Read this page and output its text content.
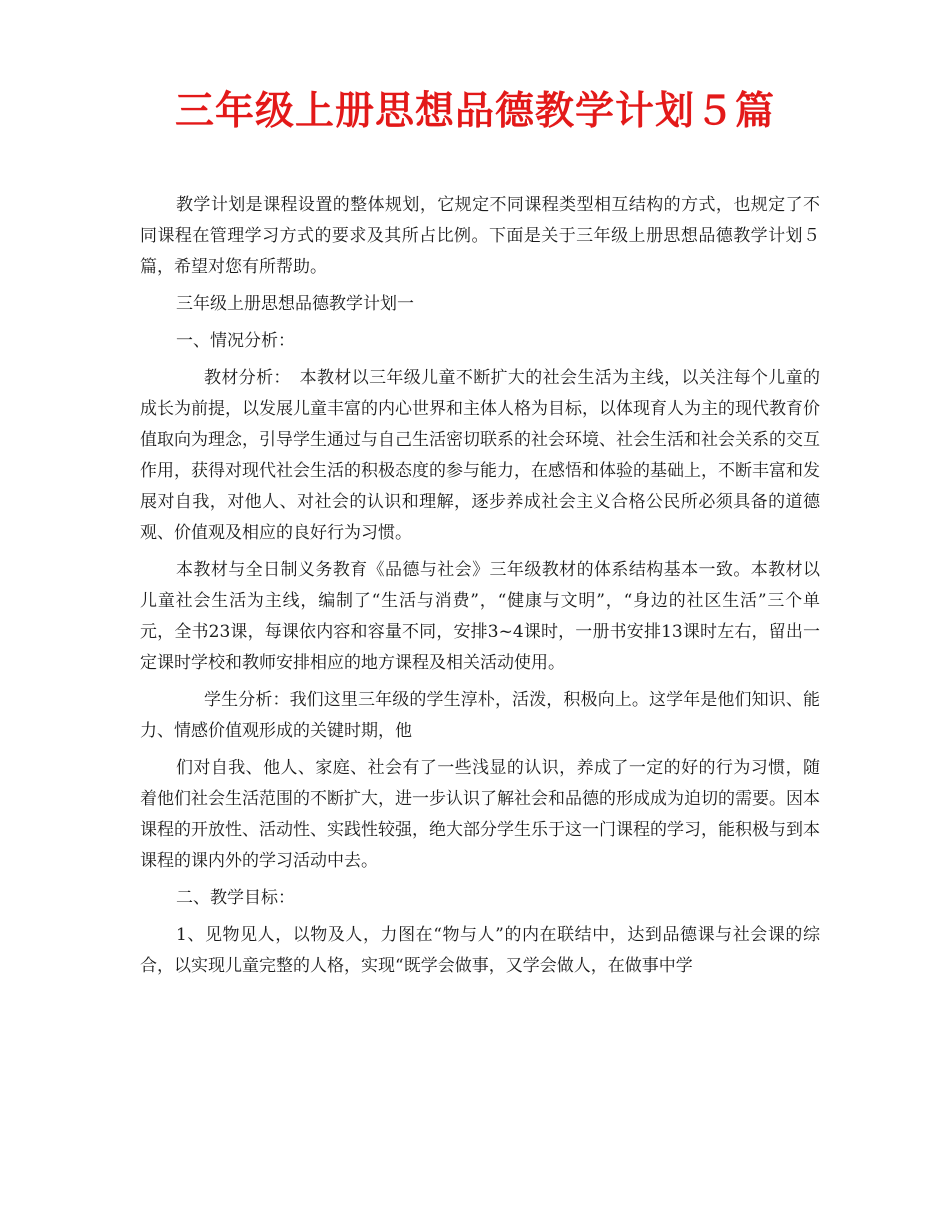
三年级上册思想品德教学计划５篇

教学计划是课程设置的整体规划，它规定不同课程类型相互结构的方式，也规定了不同课程在管理学习方式的要求及其所占比例。下面是关于三年级上册思想品德教学计划５篇，希望对您有所帮助。

三年级上册思想品德教学计划一

一、情况分析：

教材分析：　本教材以三年级儿童不断扩大的社会生活为主线，以关注每个儿童的成长为前提，以发展儿童丰富的内心世界和主体人格为目标，以体现育人为主的现代教育价值取向为理念，引导学生通过与自己生活密切联系的社会环境、社会生活和社会关系的交互作用，获得对现代社会生活的积极态度的参与能力，在感悟和体验的基础上，不断丰富和发展对自我，对他人、对社会的认识和理解，逐步养成社会主义合格公民所必须具备的道德观、价值观及相应的良好行为习惯。

本教材与全日制义务教育《品德与社会》三年级教材的体系结构基本一致。本教材以儿童社会生活为主线，编制了“生活与消费”，“健康与文明”，“身边的社区生活”三个单元，全书23课，每课依内容和容量不同，安排3~4课时，一册书安排13课时左右，留出一定课时学校和教师安排相应的地方课程及相关活动使用。

学生分析：我们这里三年级的学生淳朴，活泼，积极向上。这学年是他们知识、能力、情感价值观形成的关键时期，他

们对自我、他人、家庭、社会有了一些浅显的认识，养成了一定的好的行为习惯，随着他们社会生活范围的不断扩大，进一步认识了解社会和品德的形成成为迫切的需要。因本课程的开放性、活动性、实践性较强，绝大部分学生乐于这一门课程的学习，能积极与到本课程的课内外的学习活动中去。

二、教学目标：

1、见物见人，以物及人，力图在“物与人”的内在联结中，达到品德课与社会课的综合，以实现儿童完整的人格，实现“既学会做事，又学会做人，在做事中学
